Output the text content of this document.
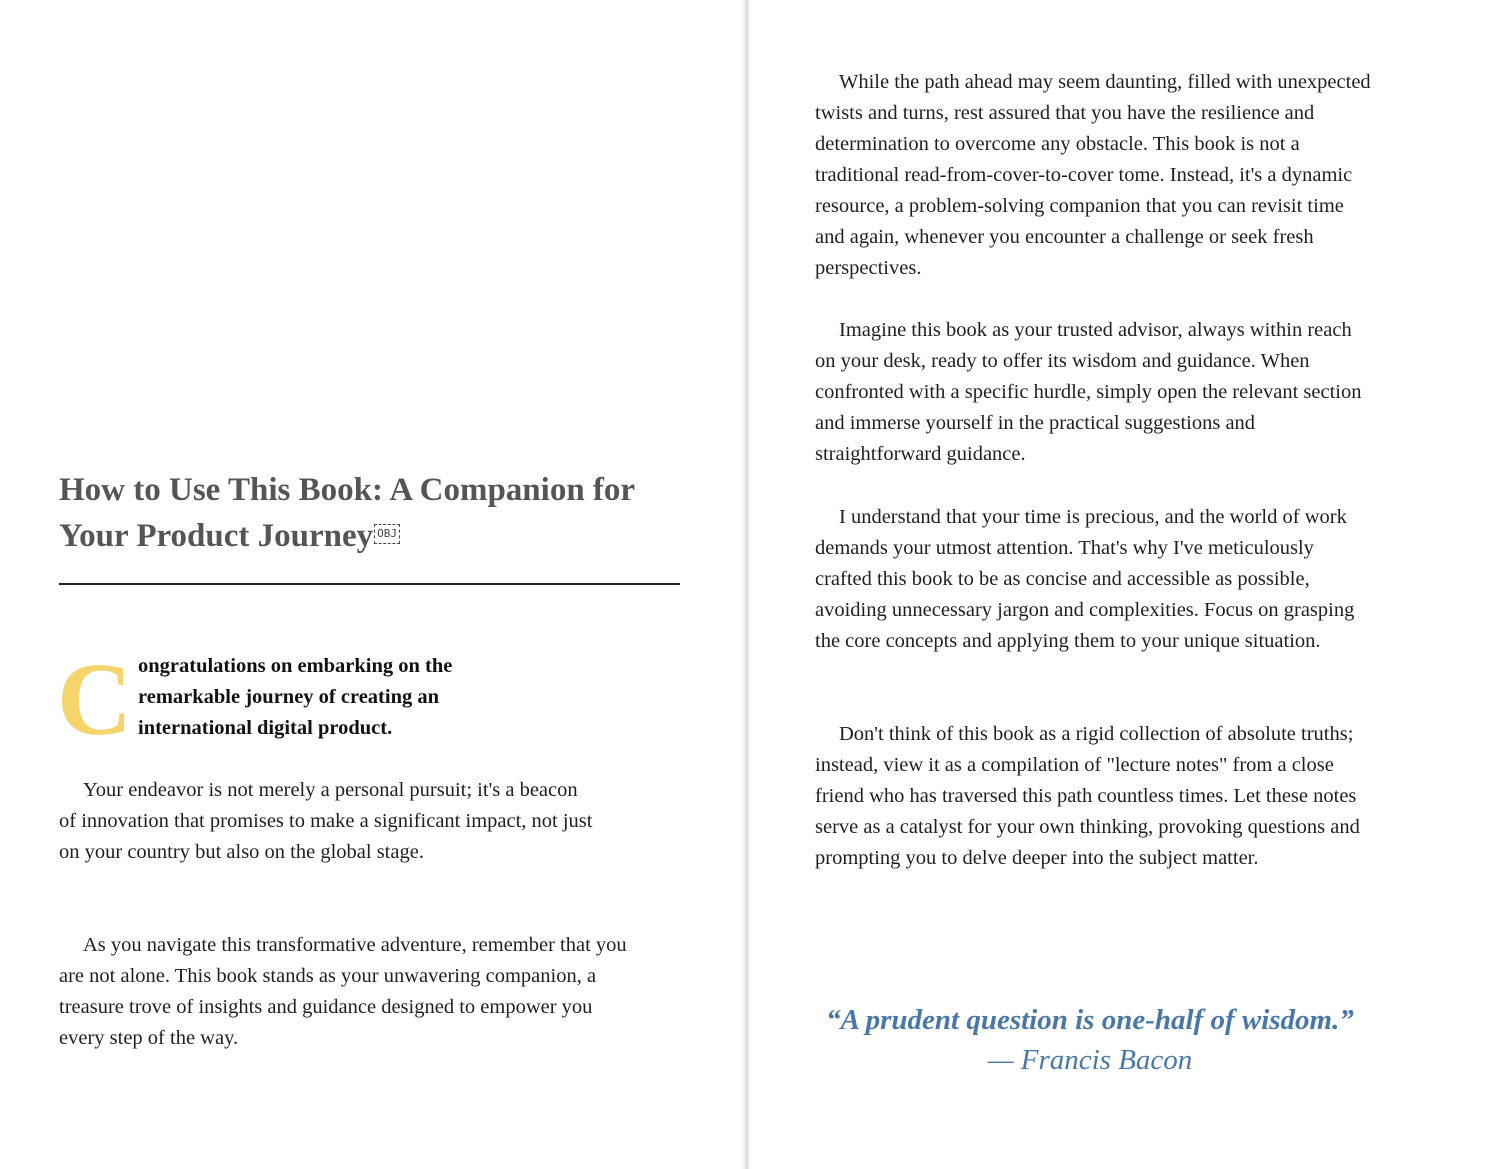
How to Use This Book: A Companion for Your Product Journey OBJ
C ongratulations on embarking on the remarkable journey of creating an international digital product.

Your endeavor is not merely a personal pursuit; it's a beacon of innovation that promises to make a significant impact, not just on your country but also on the global stage.

As you navigate this transformative adventure, remember that you are not alone. This book stands as your unwavering companion, a treasure trove of insights and guidance designed to empower you every step of the way.

While the path ahead may seem daunting, filled with unexpected twists and turns, rest assured that you have the resilience and determination to overcome any obstacle. This book is not a traditional read-from-cover-to-cover tome. Instead, it's a dynamic resource, a problem-solving companion that you can revisit time and again, whenever you encounter a challenge or seek fresh perspectives.

Imagine this book as your trusted advisor, always within reach on your desk, ready to offer its wisdom and guidance. When confronted with a specific hurdle, simply open the relevant section and immerse yourself in the practical suggestions and straightforward guidance.

I understand that your time is precious, and the world of work demands your utmost attention. That's why I've meticulously crafted this book to be as concise and accessible as possible, avoiding unnecessary jargon and complexities. Focus on grasping the core concepts and applying them to your unique situation.

Don't think of this book as a rigid collection of absolute truths; instead, view it as a compilation of "lecture notes" from a close friend who has traversed this path countless times. Let these notes serve as a catalyst for your own thinking, provoking questions and prompting you to delve deeper into the subject matter.

“A prudent question is one-half of wisdom.”
— Francis Bacon
